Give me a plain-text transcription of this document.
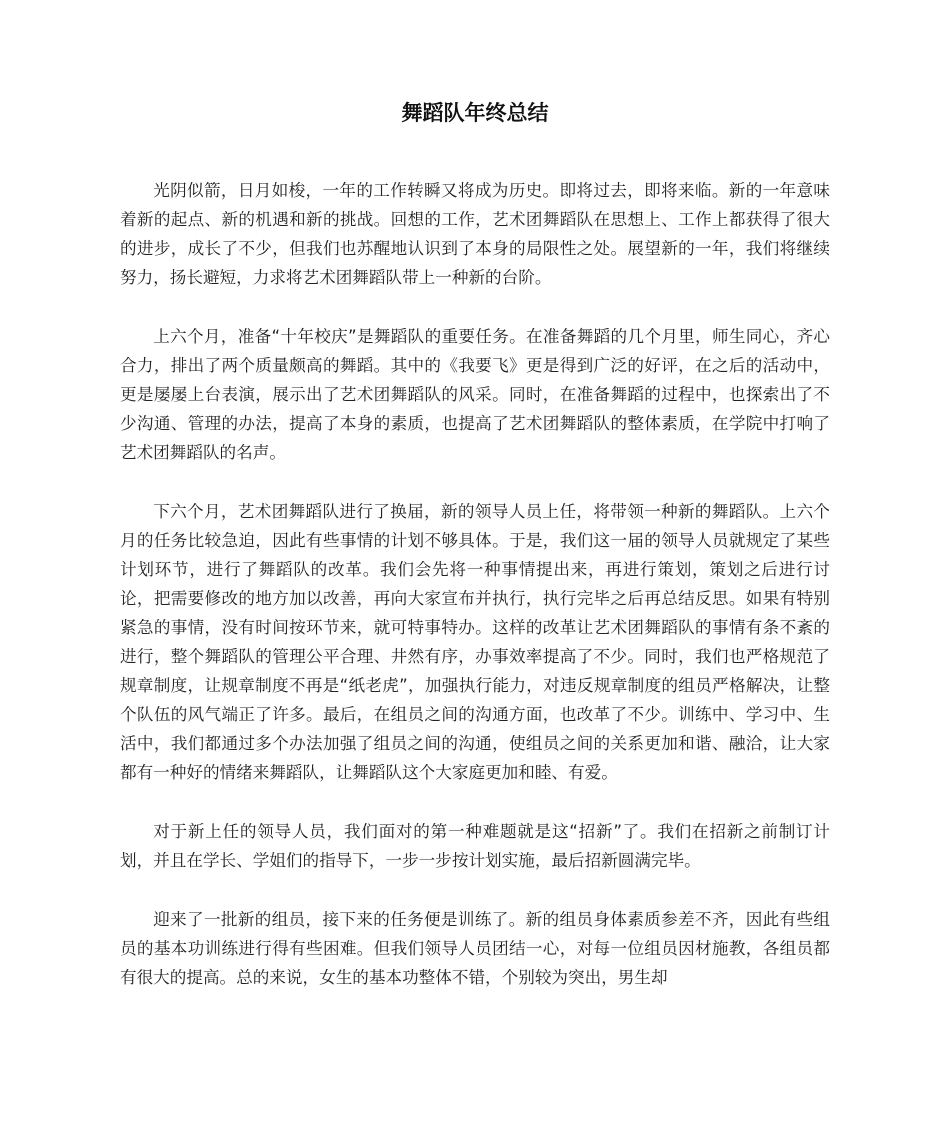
舞蹈队年终总结

光阴似箭，日月如梭，一年的工作转瞬又将成为历史。即将过去，即将来临。新的一年意味着新的起点、新的机遇和新的挑战。回想的工作，艺术团舞蹈队在思想上、工作上都获得了很大的进步，成长了不少，但我们也苏醒地认识到了本身的局限性之处。展望新的一年，我们将继续努力，扬长避短，力求将艺术团舞蹈队带上一种新的台阶。

上六个月，准备“十年校庆”是舞蹈队的重要任务。在准备舞蹈的几个月里，师生同心，齐心合力，排出了两个质量颇高的舞蹈。其中的《我要飞》更是得到广泛的好评，在之后的活动中，更是屡屡上台表演，展示出了艺术团舞蹈队的风采。同时，在准备舞蹈的过程中，也探索出了不少沟通、管理的办法，提高了本身的素质，也提高了艺术团舞蹈队的整体素质，在学院中打响了艺术团舞蹈队的名声。

下六个月，艺术团舞蹈队进行了换届，新的领导人员上任，将带领一种新的舞蹈队。上六个月的任务比较急迫，因此有些事情的计划不够具体。于是，我们这一届的领导人员就规定了某些计划环节，进行了舞蹈队的改革。我们会先将一种事情提出来，再进行策划，策划之后进行讨论，把需要修改的地方加以改善，再向大家宣布并执行，执行完毕之后再总结反思。如果有特别紧急的事情，没有时间按环节来，就可特事特办。这样的改革让艺术团舞蹈队的事情有条不紊的进行，整个舞蹈队的管理公平合理、井然有序，办事效率提高了不少。同时，我们也严格规范了规章制度，让规章制度不再是“纸老虎”，加强执行能力，对违反规章制度的组员严格解决，让整个队伍的风气端正了许多。最后，在组员之间的沟通方面，也改革了不少。训练中、学习中、生活中，我们都通过多个办法加强了组员之间的沟通，使组员之间的关系更加和谐、融洽，让大家都有一种好的情绪来舞蹈队，让舞蹈队这个大家庭更加和睦、有爱。

对于新上任的领导人员，我们面对的第一种难题就是这“招新”了。我们在招新之前制订计划，并且在学长、学姐们的指导下，一步一步按计划实施，最后招新圆满完毕。

迎来了一批新的组员，接下来的任务便是训练了。新的组员身体素质参差不齐，因此有些组员的基本功训练进行得有些困难。但我们领导人员团结一心，对每一位组员因材施教，各组员都有很大的提高。总的来说，女生的基本功整体不错，个别较为突出，男生却
